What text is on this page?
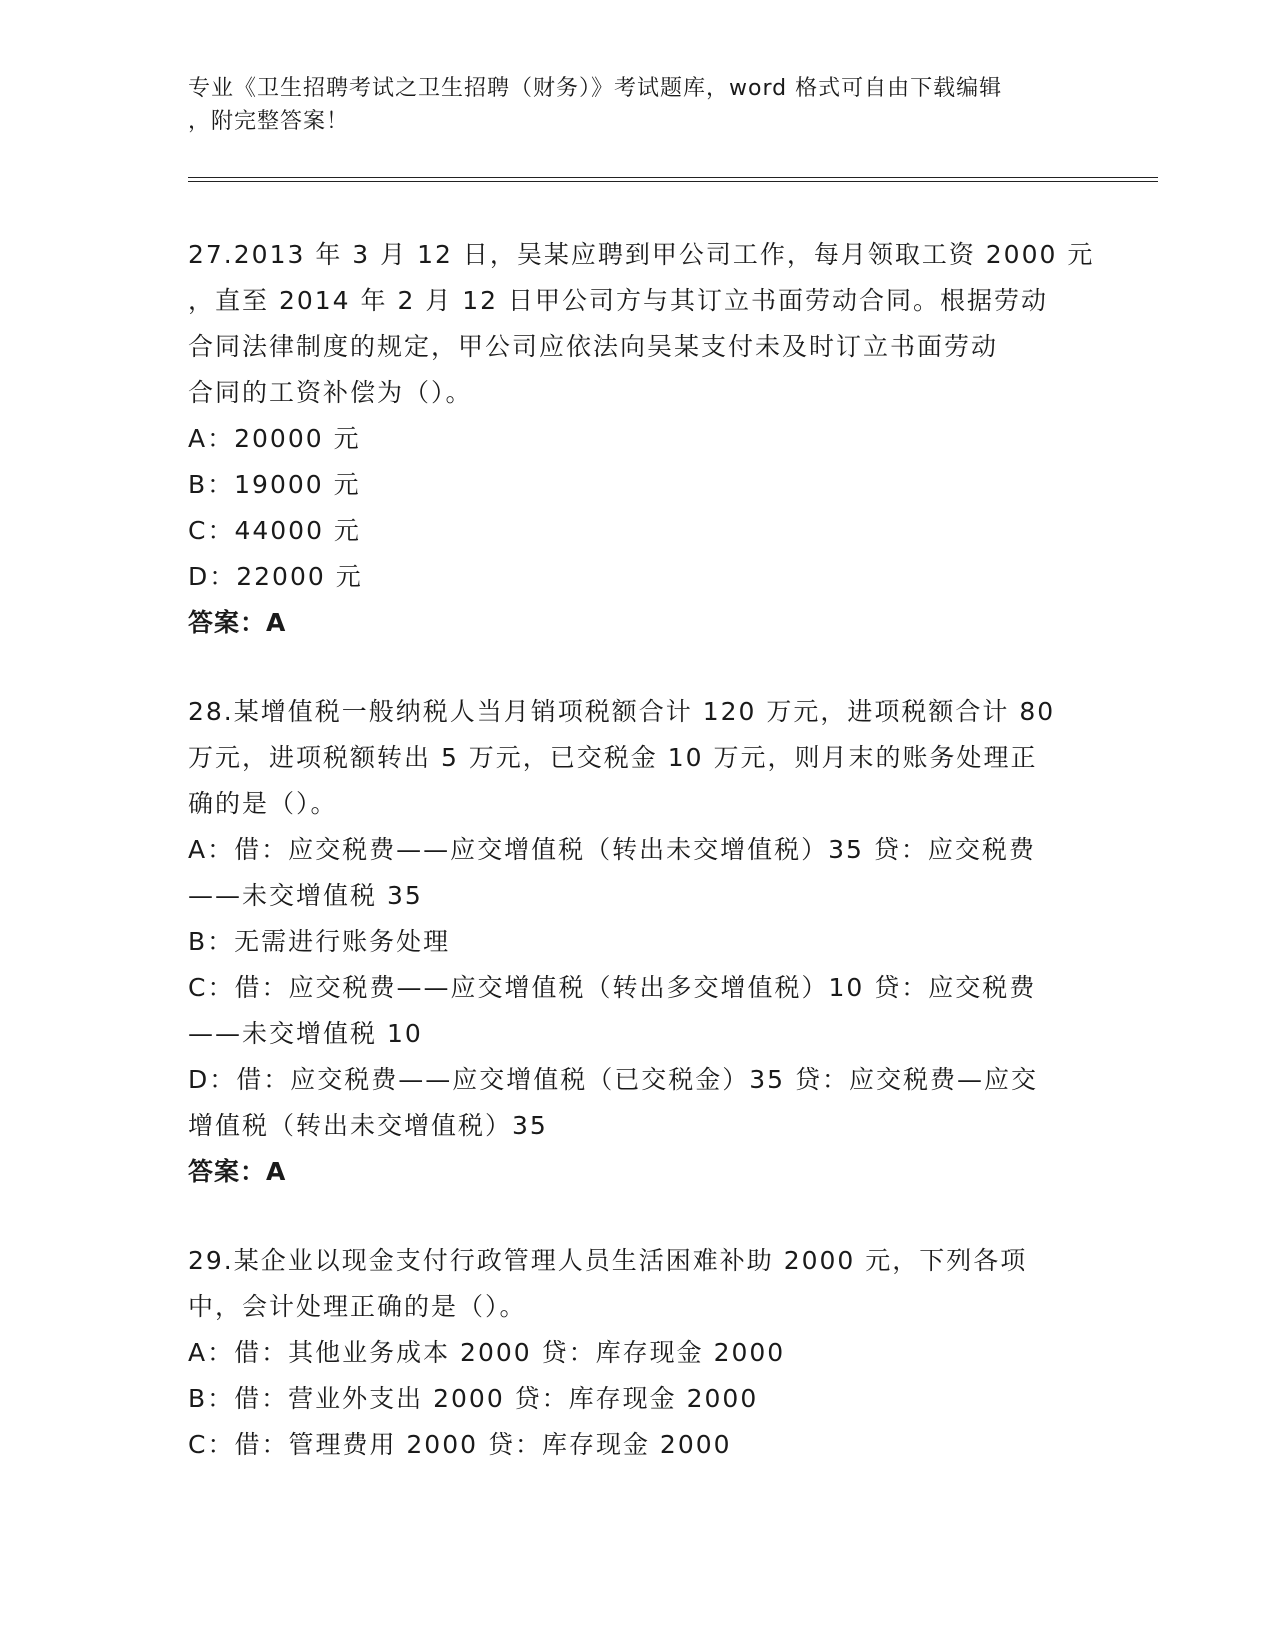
专业《卫生招聘考试之卫生招聘（财务）》考试题库，word 格式可自由下载编辑
，附完整答案！
27.2013 年 3 月 12 日，吴某应聘到甲公司工作，每月领取工资 2000 元
，直至 2014 年 2 月 12 日甲公司方与其订立书面劳动合同。根据劳动
合同法律制度的规定，甲公司应依法向吴某支付未及时订立书面劳动
合同的工资补偿为（）。
A：20000 元
B：19000 元
C：44000 元
D：22000 元
答案：A
28.某增值税一般纳税人当月销项税额合计 120 万元，进项税额合计 80
万元，进项税额转出 5 万元，已交税金 10 万元，则月末的账务处理正
确的是（）。
A：借：应交税费——应交增值税（转出未交增值税）35 贷：应交税费
——未交增值税 35
B：无需进行账务处理
C：借：应交税费——应交增值税（转出多交增值税）10 贷：应交税费
——未交增值税 10
D：借：应交税费——应交增值税（已交税金）35 贷：应交税费—应交
增值税（转出未交增值税）35
答案：A
29.某企业以现金支付行政管理人员生活困难补助 2000 元，下列各项
中，会计处理正确的是（）。
A：借：其他业务成本 2000 贷：库存现金 2000
B：借：营业外支出 2000 贷：库存现金 2000
C：借：管理费用 2000 贷：库存现金 2000
